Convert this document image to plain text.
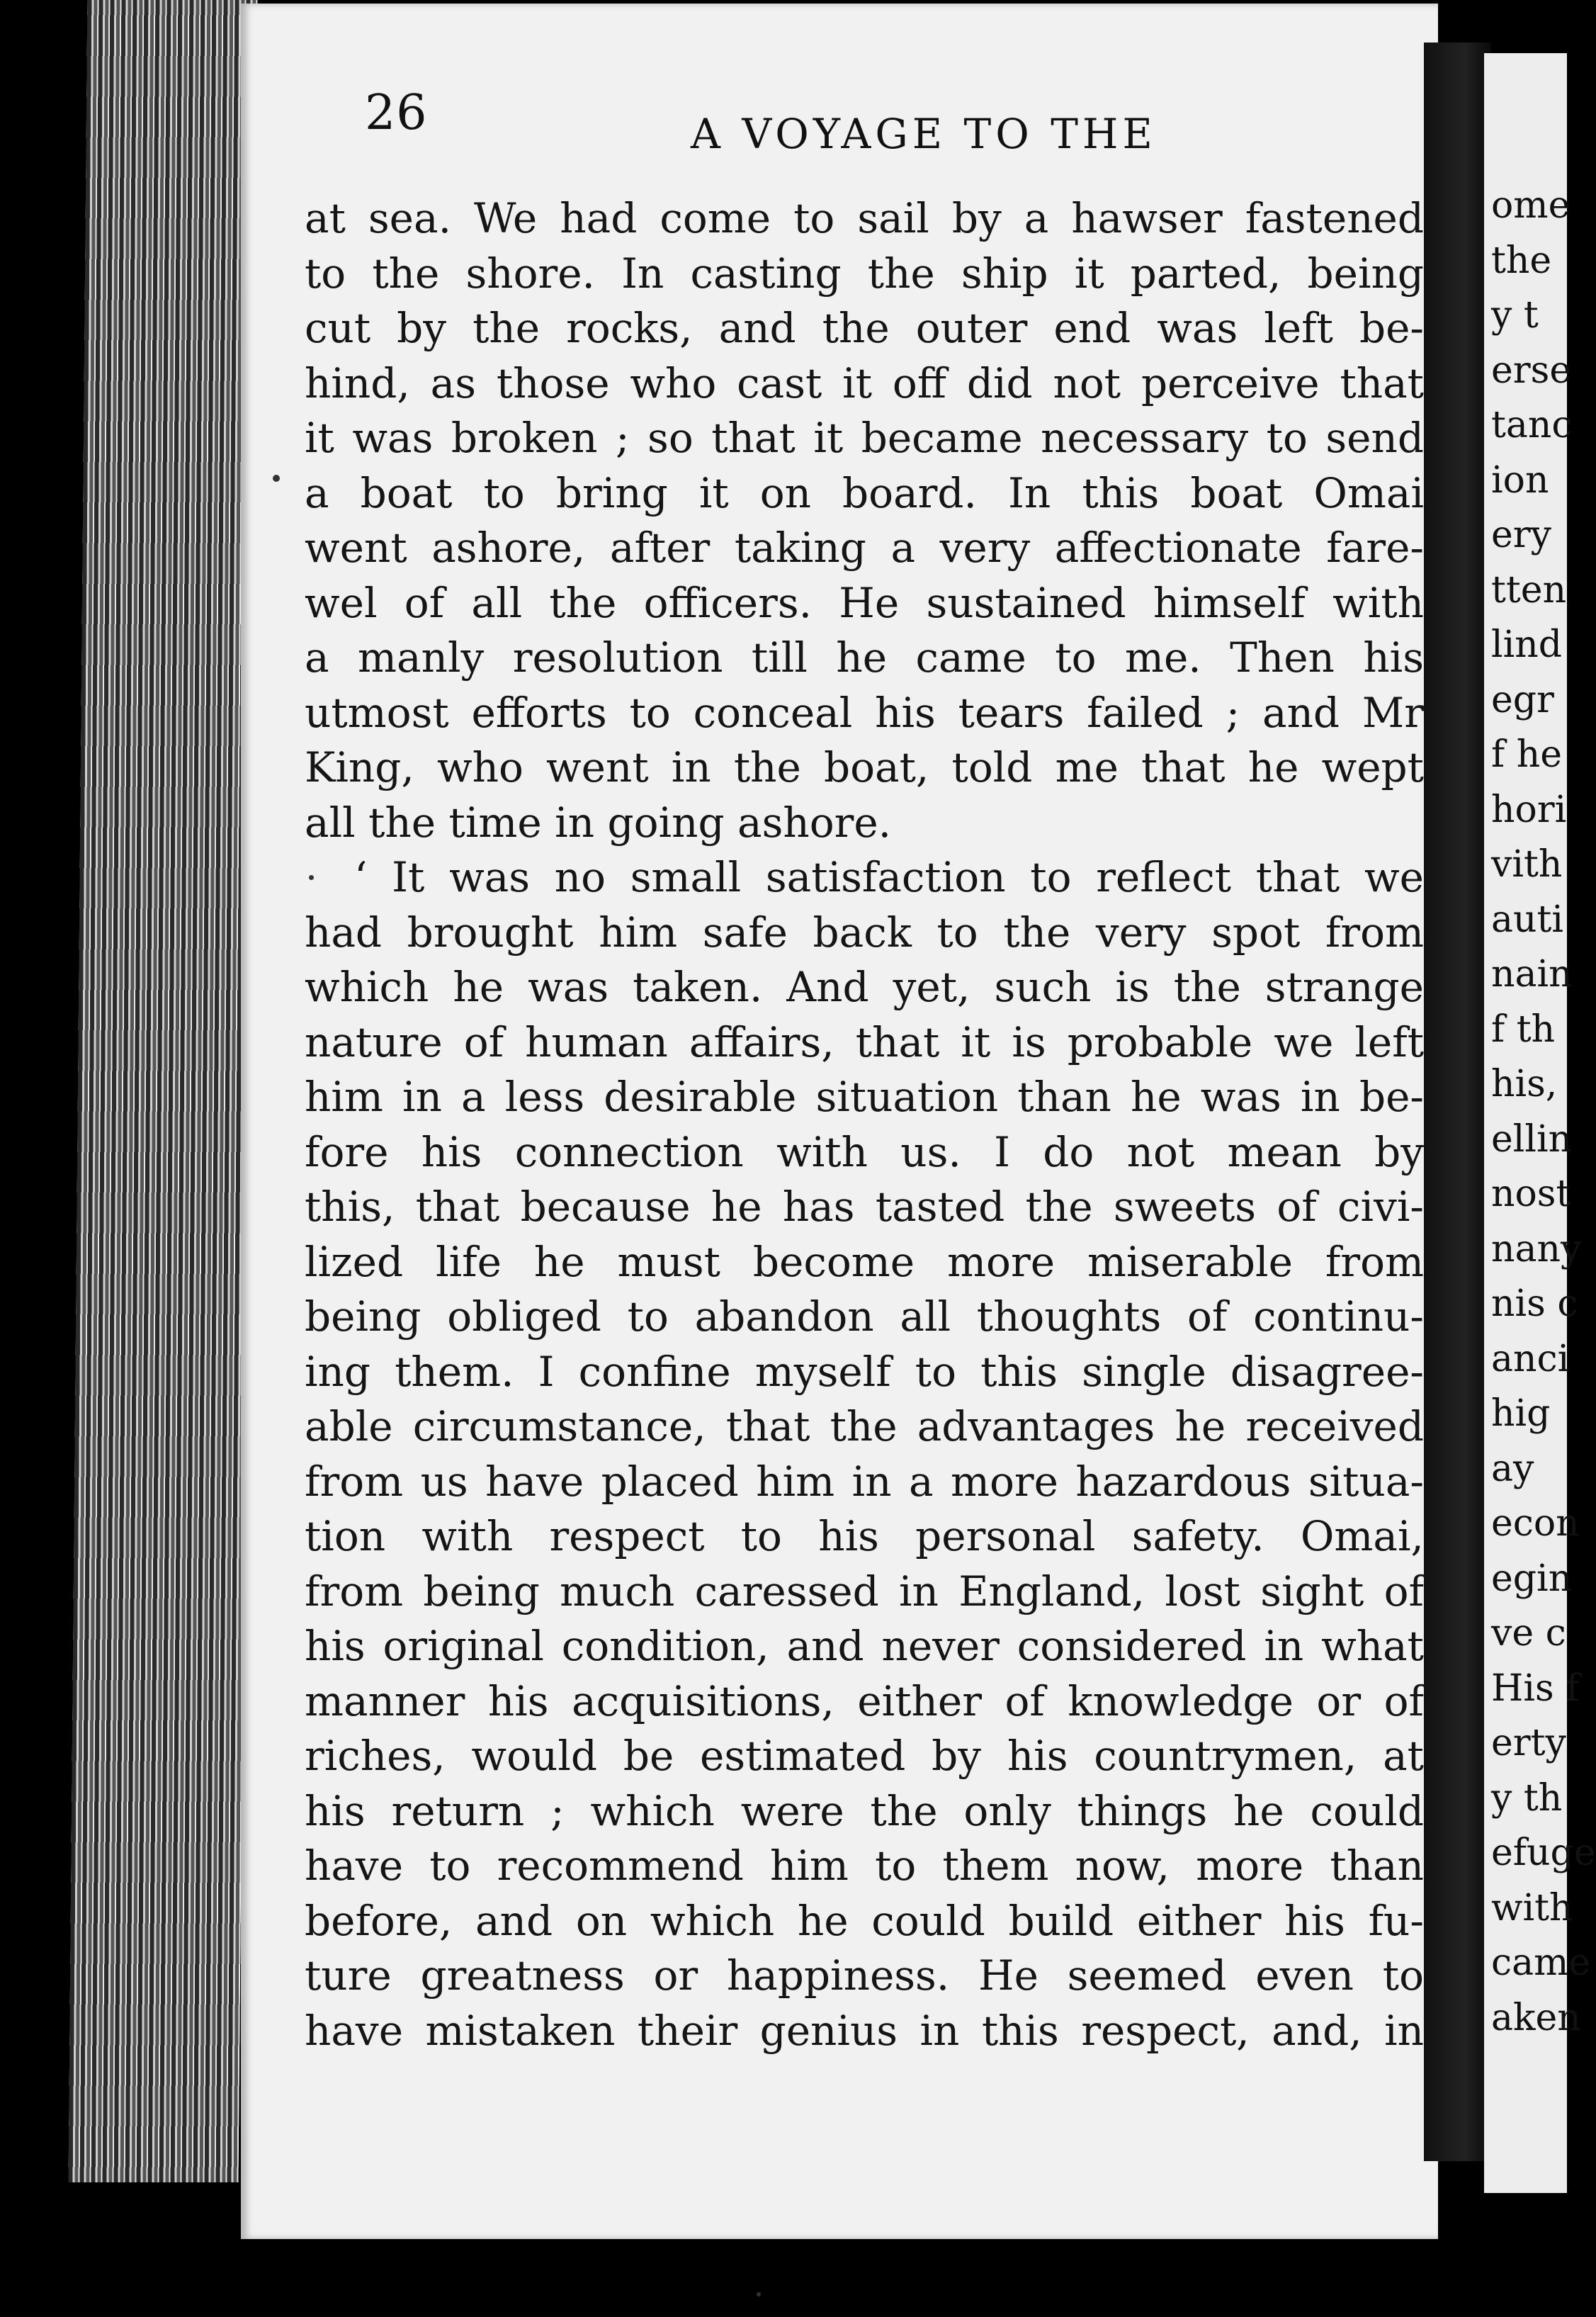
26	A VOYAGE TO THE
at sea. We had come to sail by a hawser fastened
to the shore. In casting the ship it parted, being
cut by the rocks, and the outer end was left be-
hind, as those who cast it off did not perceive that
it was broken ; so that it became necessary to send
a boat to bring it on board. In this boat Omai
went ashore, after taking a very affectionate fare-
wel of all the officers. He sustained himself with
a manly resolution till he came to me. Then his
utmost efforts to conceal his tears failed ; and Mr
King, who went in the boat, told me that he wept
all the time in going ashore.
‘ It was no small satisfaction to reflect that we
had brought him safe back to the very spot from
which he was taken. And yet, such is the strange
nature of human affairs, that it is probable we left
him in a less desirable situation than he was in be-
fore his connection with us. I do not mean by
this, that because he has tasted the sweets of civi-
lized life he must become more miserable from
being obliged to abandon all thoughts of continu-
ing them. I confine myself to this single disagree-
able circumstance, that the advantages he received
from us have placed him in a more hazardous situa-
tion with respect to his personal safety. Omai,
from being much caressed in England, lost sight of
his original condition, and never considered in what
manner his acquisitions, either of knowledge or of
riches, would be estimated by his countrymen, at
his return ; which were the only things he could
have to recommend him to them now, more than
before, and on which he could build either his fu-
ture greatness or happiness. He seemed even to
have mistaken their genius in this respect, and, in
ome
the
y t
erse
tanc
ion
ery
tten
lind
egr
f he
hori
vith
auti
nain
f th
his,
ellin
nost
nany
nis c
anci
hig
ay
econ
egin
ve c
His f
erty
y th
efuge
with
came
aken
